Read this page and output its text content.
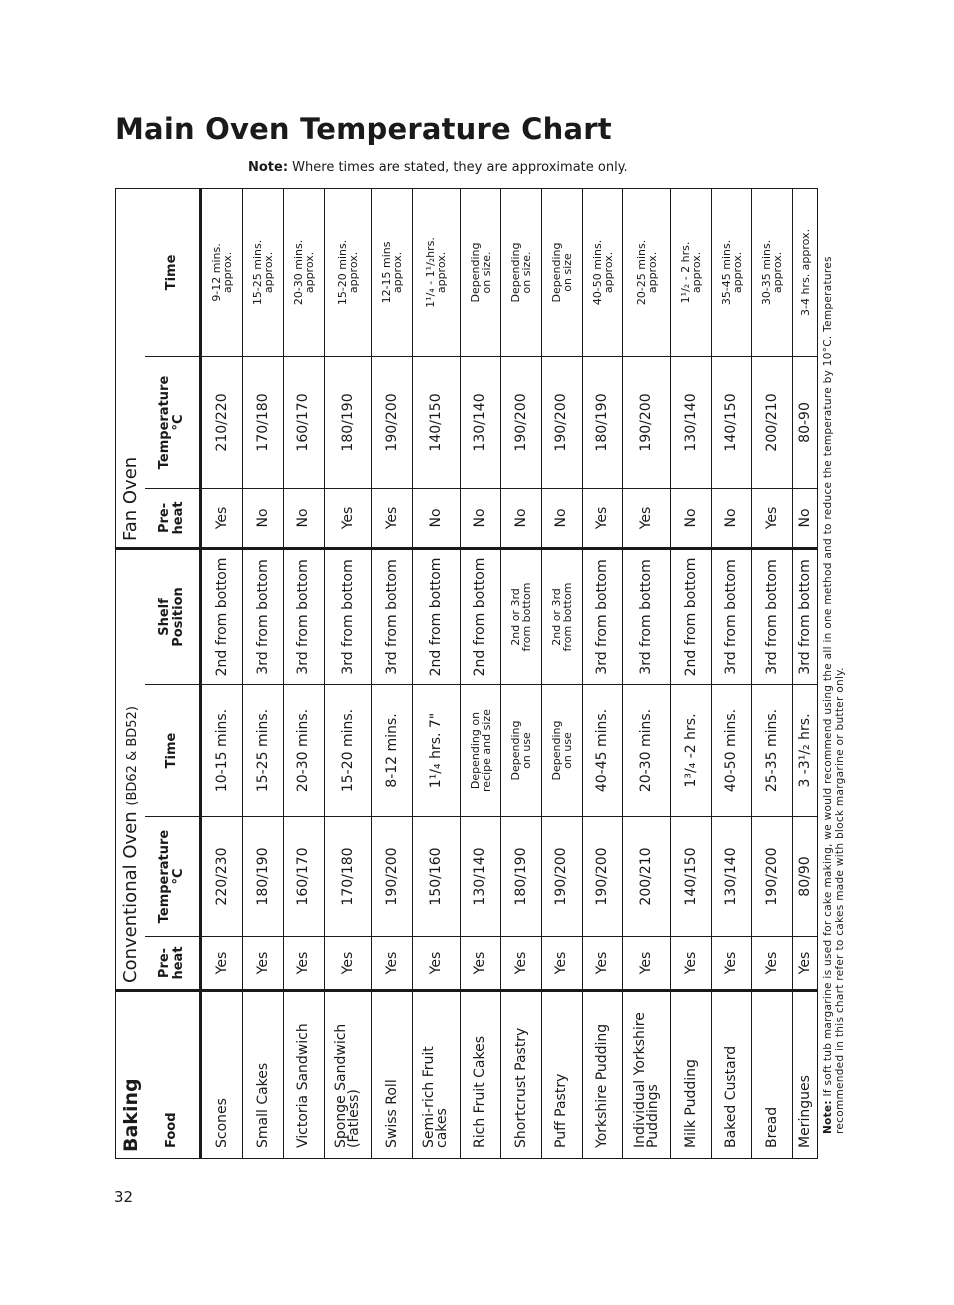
Main Oven Temperature Chart
Note: Where times are stated, they are approximate only.
Baking	Conventional Oven (BD62 & BD52)				Fan Oven		
Food	Pre-
heat	Temperature
°C	Time	Shelf
Position	Pre-
heat	Temperature
°C	Time
Scones	Yes	220/230	10-15 mins.	2nd from bottom	Yes	210/220	9-12 mins.
approx.
Small Cakes	Yes	180/190	15-25 mins.	3rd from bottom	No	170/180	15-25 mins.
approx.
Victoria Sandwich	Yes	160/170	20-30 mins.	3rd from bottom	No	160/170	20-30 mins.
approx.
Sponge Sandwich
(Fatless)	Yes	170/180	15-20 mins.	3rd from bottom	Yes	180/190	15-20 mins.
approx.
Swiss Roll	Yes	190/200	8-12 mins.	3rd from bottom	Yes	190/200	12-15 mins
approx.
Semi-rich Fruit
cakes	Yes	150/160	1¹/₄ hrs. 7"	2nd from bottom	No	140/150	1¹/₄ - 1¹/₂hrs.
approx.
Rich Fruit Cakes	Yes	130/140	Depending on
recipe and size	2nd from bottom	No	130/140	Depending
on size.
Shortcrust Pastry	Yes	180/190	Depending
on use	2nd or 3rd
from bottom	No	190/200	Depending
on size.
Puff Pastry	Yes	190/200	Depending
on use	2nd or 3rd
from bottom	No	190/200	Depending
on size
Yorkshire Pudding	Yes	190/200	40-45 mins.	3rd from bottom	Yes	180/190	40-50 mins.
approx.
Individual Yorkshire
Puddings	Yes	200/210	20-30 mins.	3rd from bottom	Yes	190/200	20-25 mins.
approx.
Milk Pudding	Yes	140/150	1³/₄ -2 hrs.	2nd from bottom	No	130/140	1¹/₂ - 2 hrs.
approx.
Baked Custard	Yes	130/140	40-50 mins.	3rd from bottom	No	140/150	35-45 mins.
approx.
Bread	Yes	190/200	25-35 mins.	3rd from bottom	Yes	200/210	30-35 mins.
approx.
Meringues	Yes	80/90	3 -3¹/₂ hrs.	3rd from bottom	No	80-90	3-4 hrs. approx.
Note: If soft tub margarine is used for cake making, we would recommend using the all in one method and to reduce the temperature by 10°C. Temperatures recommended in this chart refer to cakes made with block margarine or butter only.
32
